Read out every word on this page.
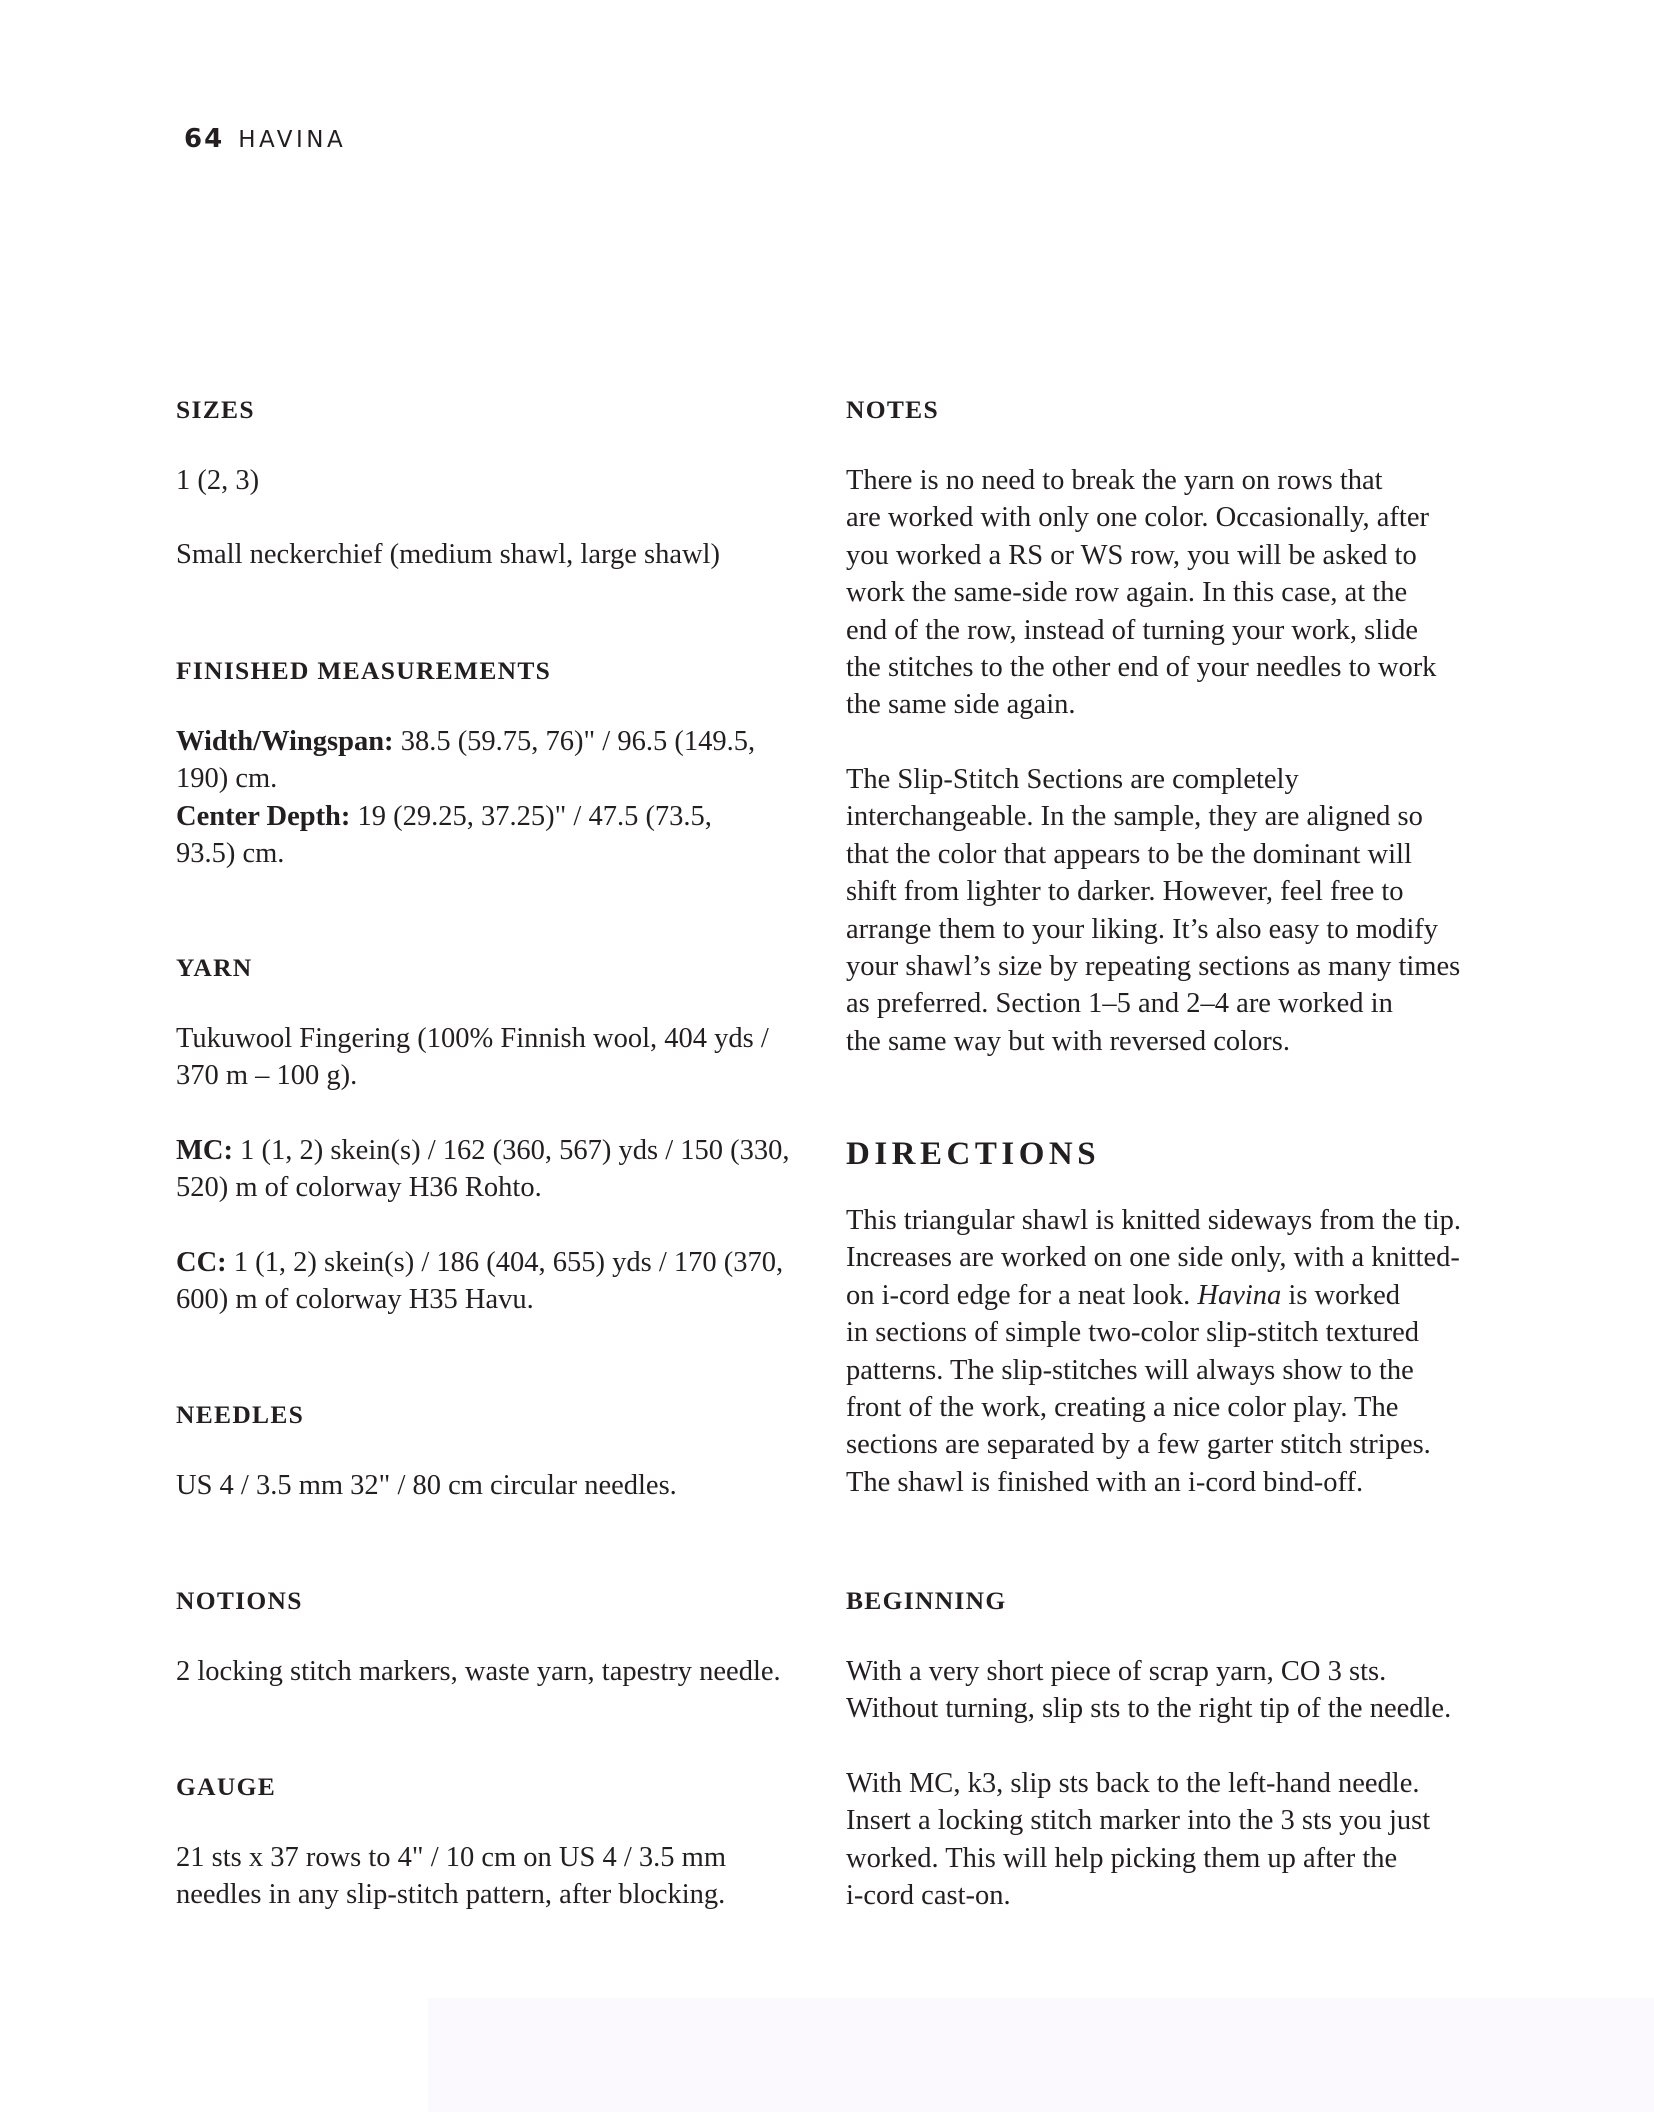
64 HAVINA
SIZES
1 (2, 3)
Small neckerchief (medium shawl, large shawl)
FINISHED MEASUREMENTS
Width/Wingspan: 38.5 (59.75, 76)" / 96.5 (149.5,
190) cm.
Center Depth: 19 (29.25, 37.25)" / 47.5 (73.5,
93.5) cm.
YARN
Tukuwool Fingering (100% Finnish wool, 404 yds /
370 m – 100 g).
MC: 1 (1, 2) skein(s) / 162 (360, 567) yds / 150 (330,
520) m of colorway H36 Rohto.
CC: 1 (1, 2) skein(s) / 186 (404, 655) yds / 170 (370,
600) m of colorway H35 Havu.
NEEDLES
US 4 / 3.5 mm 32" / 80 cm circular needles.
NOTIONS
2 locking stitch markers, waste yarn, tapestry needle.
GAUGE
21 sts x 37 rows to 4" / 10 cm on US 4 / 3.5 mm
needles in any slip-stitch pattern, after blocking.
NOTES
There is no need to break the yarn on rows that
are worked with only one color. Occasionally, after
you worked a RS or WS row, you will be asked to
work the same-side row again. In this case, at the
end of the row, instead of turning your work, slide
the stitches to the other end of your needles to work
the same side again.
The Slip-Stitch Sections are completely
interchangeable. In the sample, they are aligned so
that the color that appears to be the dominant will
shift from lighter to darker. However, feel free to
arrange them to your liking. It’s also easy to modify
your shawl’s size by repeating sections as many times
as preferred. Section 1–5 and 2–4 are worked in
the same way but with reversed colors.
DIRECTIONS
This triangular shawl is knitted sideways from the tip.
Increases are worked on one side only, with a knitted-
on i-cord edge for a neat look. Havina is worked
in sections of simple two-color slip-stitch textured
patterns. The slip-stitches will always show to the
front of the work, creating a nice color play. The
sections are separated by a few garter stitch stripes.
The shawl is finished with an i-cord bind-off.
BEGINNING
With a very short piece of scrap yarn, CO 3 sts.
Without turning, slip sts to the right tip of the needle.
With MC, k3, slip sts back to the left-hand needle.
Insert a locking stitch marker into the 3 sts you just
worked. This will help picking them up after the
i-cord cast-on.
